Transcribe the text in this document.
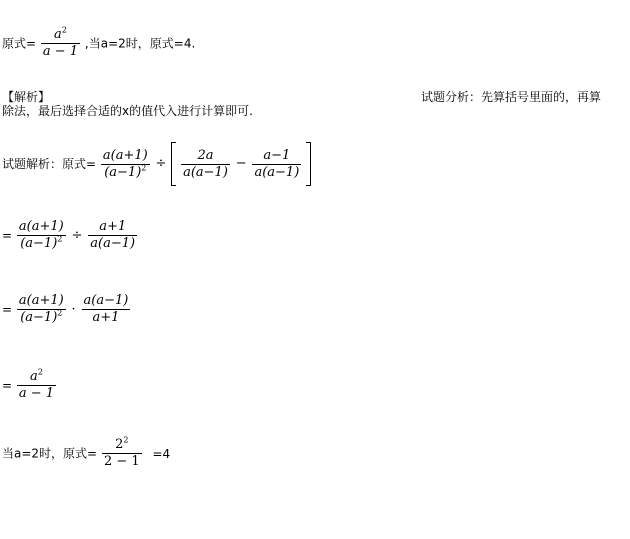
原式= $\frac{a^2}{a - 1}$ ,当a=2时，原式=4.
【解析】	试题分析：先算括号里面的，再算
除法，最后选择合适的x的值代入进行计算即可.
试题解析：原式= $\frac{a(a+1)}{(a-1)^2} \div \frac{2a}{a(a-1)} - \frac{a-1}{a(a-1)}$

= $\frac{a(a+1)}{(a-1)^2} \div \frac{a+1}{a(a-1)}$
= $\frac{a(a+1)}{(a-1)^2} \cdot \frac{a(a-1)}{a+1}$
= $\frac{a^2}{a - 1}$
当a=2时，原式= $\frac{2^2}{2 - 1} =4$
